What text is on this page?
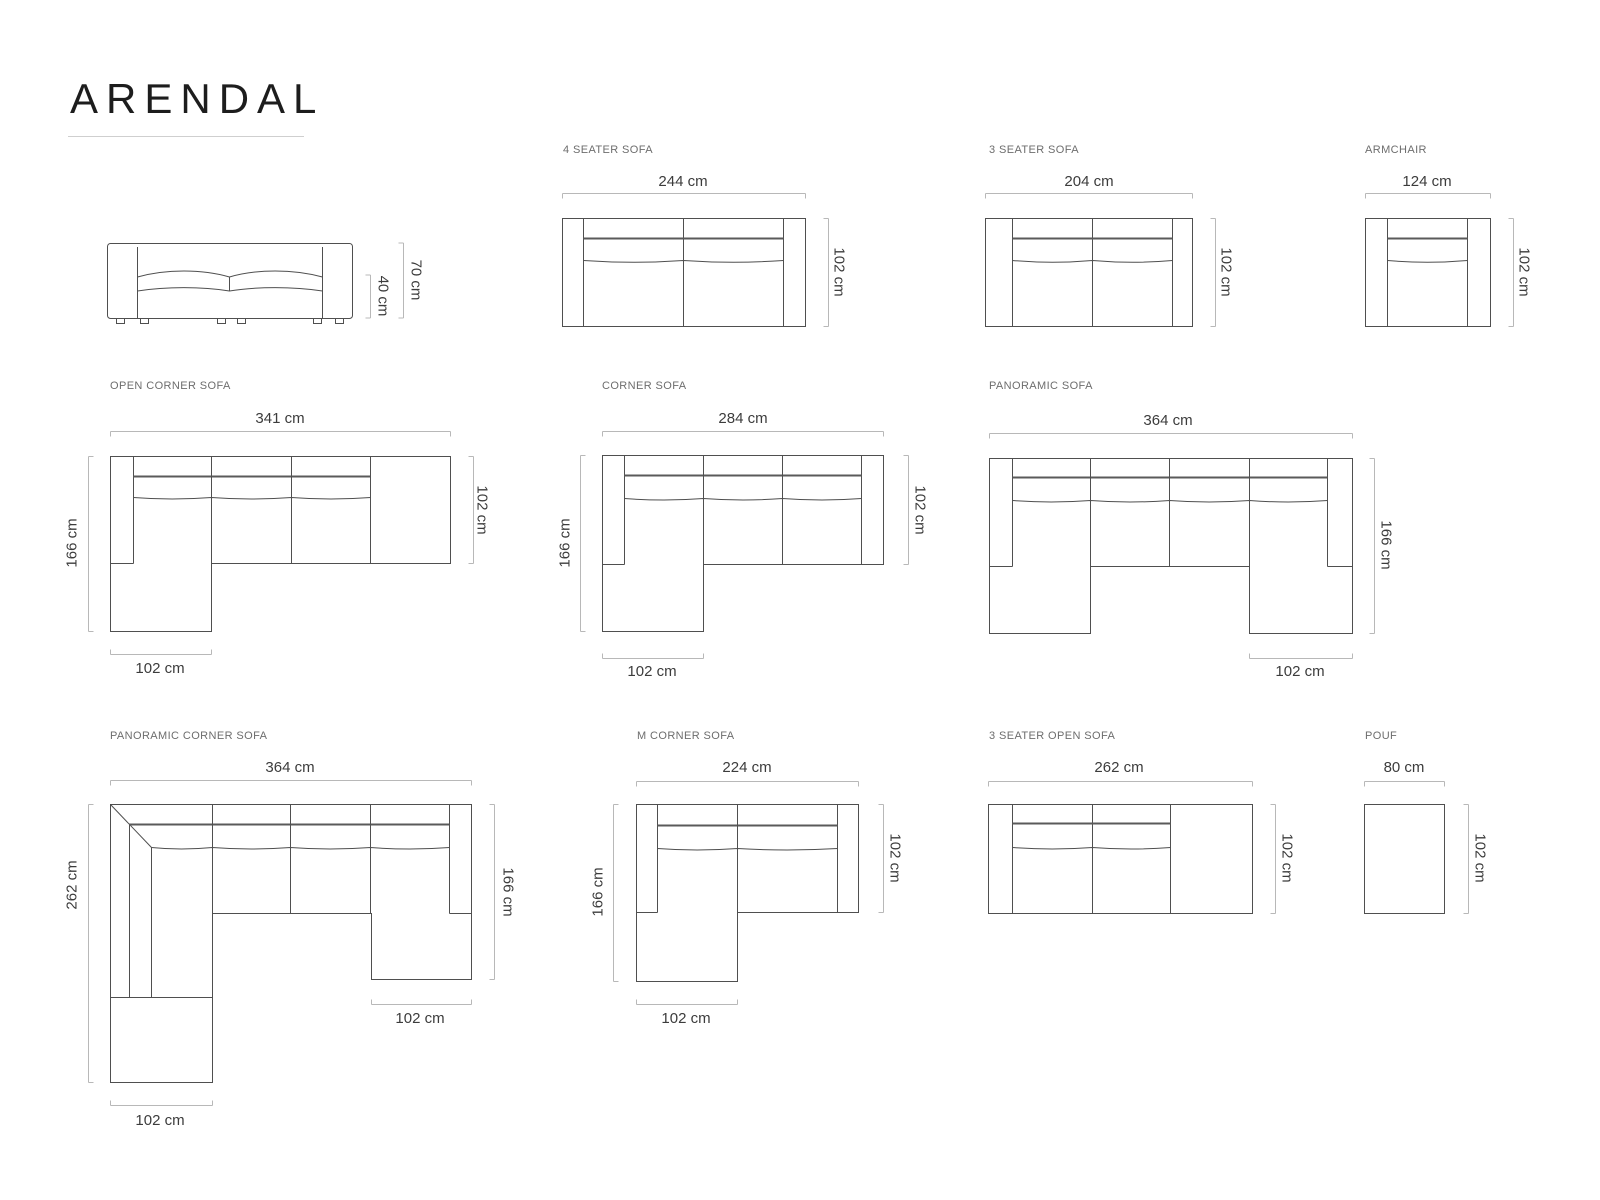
ARENDAL
40 cm 70 cm
4 SEATER SOFA
244 cm
102 cm
3 SEATER SOFA
204 cm
102 cm
ARMCHAIR
124 cm
102 cm
OPEN CORNER SOFA
341 cm
166 cm
102 cm
102 cm
CORNER SOFA
284 cm
166 cm
102 cm
102 cm
PANORAMIC SOFA
364 cm
166 cm
102 cm
PANORAMIC CORNER SOFA
364 cm
262 cm	166 cm
102 cm
102 cm
M CORNER SOFA
224 cm
166 cm
102 cm
102 cm
3 SEATER OPEN SOFA
262 cm
102 cm
POUF
80 cm
102 cm
